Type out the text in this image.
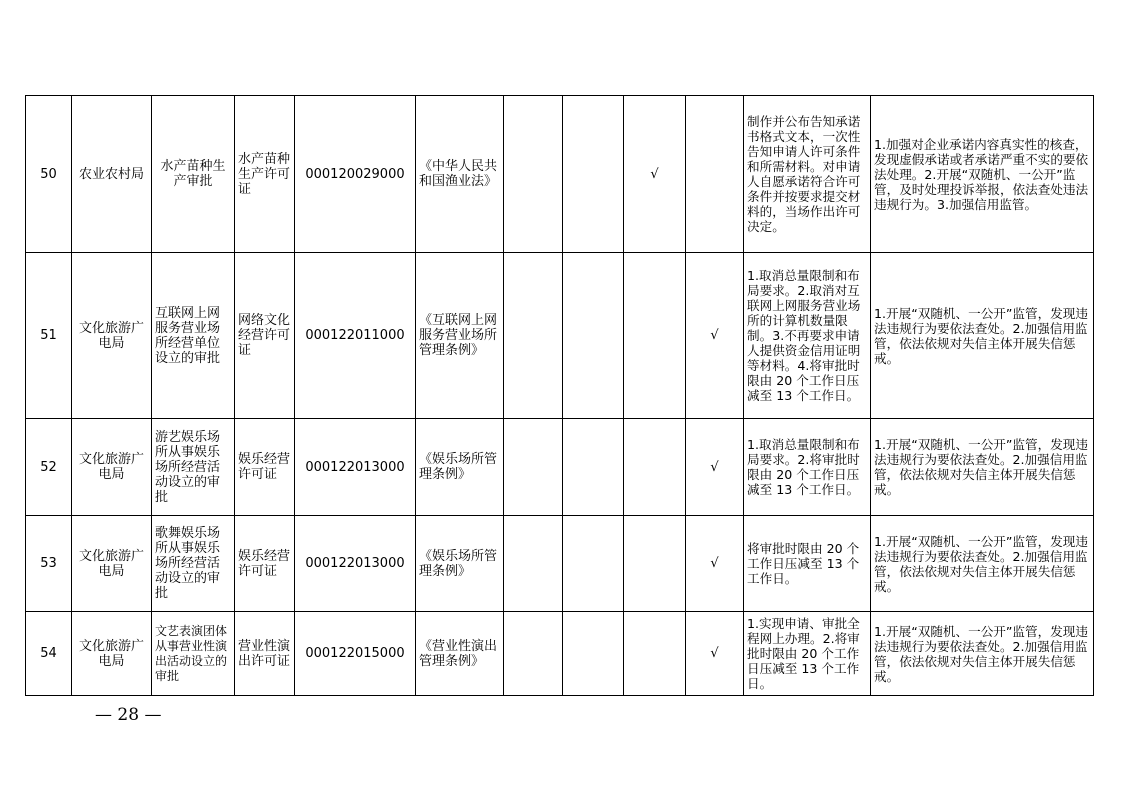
50	农业农村局	水产苗种生产审批	水产苗种生产许可证	000120029000	《中华人民共和国渔业法》			√		制作并公布告知承诺书格式文本，一次性告知申请人许可条件和所需材料。对申请人自愿承诺符合许可条件并按要求提交材料的，当场作出许可决定。	1.加强对企业承诺内容真实性的核查，发现虚假承诺或者承诺严重不实的要依法处理。2.开展“双随机、一公开”监管，及时处理投诉举报，依法查处违法违规行为。3.加强信用监管。
51	文化旅游广电局	互联网上网服务营业场所经营单位设立的审批	网络文化经营许可证	000122011000	《互联网上网服务营业场所管理条例》				√	1.取消总量限制和布局要求。2.取消对互联网上网服务营业场所的计算机数量限制。3.不再要求申请人提供资金信用证明等材料。4.将审批时限由 20 个工作日压减至 13 个工作日。	1.开展“双随机、一公开”监管，发现违法违规行为要依法查处。2.加强信用监管，依法依规对失信主体开展失信惩戒。
52	文化旅游广电局	游艺娱乐场所从事娱乐场所经营活动设立的审批	娱乐经营许可证	000122013000	《娱乐场所管理条例》				√	1.取消总量限制和布局要求。2.将审批时限由 20 个工作日压减至 13 个工作日。	1.开展“双随机、一公开”监管，发现违法违规行为要依法查处。2.加强信用监管，依法依规对失信主体开展失信惩戒。
53	文化旅游广电局	歌舞娱乐场所从事娱乐场所经营活动设立的审批	娱乐经营许可证	000122013000	《娱乐场所管理条例》				√	将审批时限由 20 个工作日压减至 13 个工作日。	1.开展“双随机、一公开”监管，发现违法违规行为要依法查处。2.加强信用监管，依法依规对失信主体开展失信惩戒。
54	文化旅游广电局	文艺表演团体从事营业性演出活动设立的审批	营业性演出许可证	000122015000	《营业性演出管理条例》				√	1.实现申请、审批全程网上办理。2.将审批时限由 20 个工作日压减至 13 个工作日。	1.开展“双随机、一公开”监管，发现违法违规行为要依法查处。2.加强信用监管，依法依规对失信主体开展失信惩戒。
— 28 —
